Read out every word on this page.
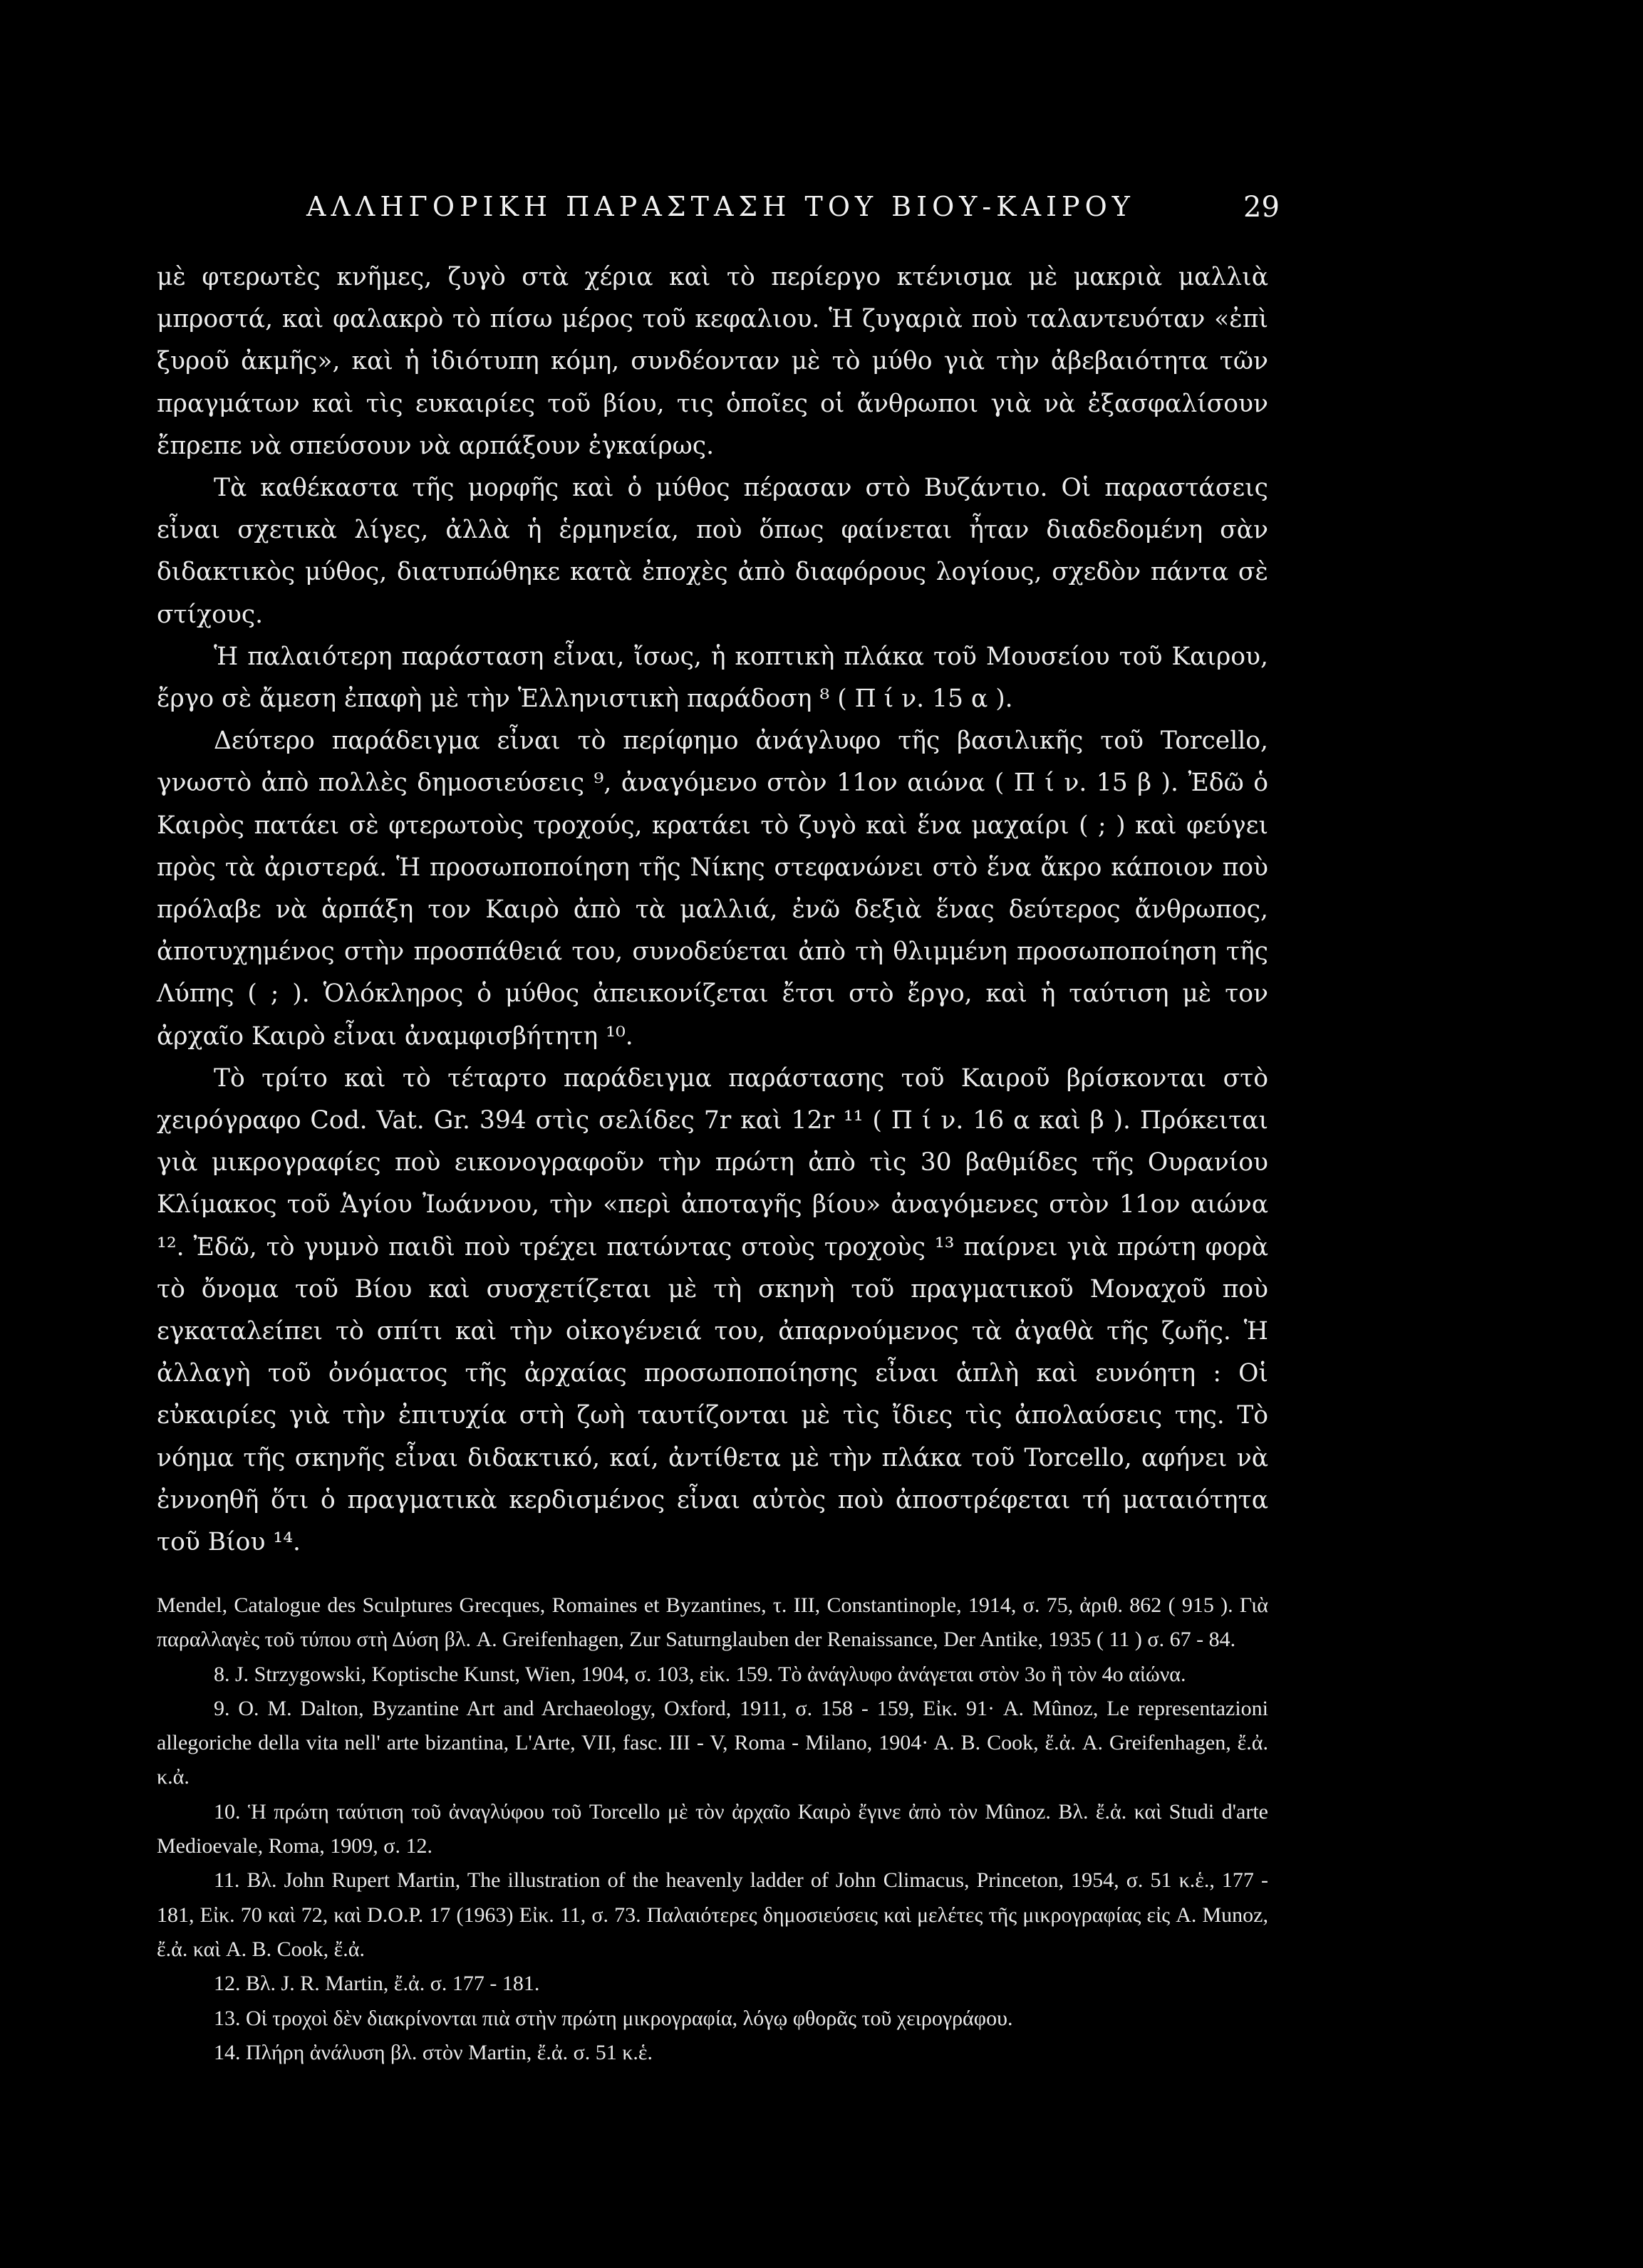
ΑΛΛΗΓΟΡΙΚΗ ΠΑΡΑΣΤΑΣΗ ΤΟΥ ΒΙΟΥ-ΚΑΙΡΟΥ	29

μὲ φτερωτὲς κνῆμες, ζυγὸ στὰ χέρια καὶ τὸ περίεργο κτένισμα μὲ μακριὰ μαλλιὰ μπροστά, καὶ φαλακρὸ τὸ πίσω μέρος τοῦ κεφαλιου. Ἡ ζυγαριὰ ποὺ ταλαντευόταν «ἐπὶ ξυροῦ ἀκμῆς», καὶ ἡ ἰδιότυπη κόμη, συνδέονταν μὲ τὸ μύθο γιὰ τὴν ἀβεβαιότητα τῶν πραγμάτων καὶ τὶς ευκαιρίες τοῦ βίου, τις ὁποῖες οἱ ἄνθρωποι γιὰ νὰ ἐξασφαλίσουν ἔπρεπε νὰ σπεύσουν νὰ αρπάξουν ἐγκαίρως.

Τὰ καθέκαστα τῆς μορφῆς καὶ ὁ μύθος πέρασαν στὸ Βυζάντιο. Οἱ παραστάσεις εἶναι σχετικὰ λίγες, ἀλλὰ ἡ ἑρμηνεία, ποὺ ὅπως φαίνεται ἦταν διαδεδομένη σὰν διδακτικὸς μύθος, διατυπώθηκε κατὰ ἐποχὲς ἀπὸ διαφόρους λογίους, σχεδὸν πάντα σὲ στίχους.

Ἡ παλαιότερη παράσταση εἶναι, ἴσως, ἡ κοπτικὴ πλάκα τοῦ Μουσείου τοῦ Καιρου, ἔργο σὲ ἄμεση ἐπαφὴ μὲ τὴν Ἑλληνιστικὴ παράδοση ⁸ ( Π ί ν. 15 α ).

Δεύτερο παράδειγμα εἶναι τὸ περίφημο ἀνάγλυφο τῆς βασιλικῆς τοῦ Torcello, γνωστὸ ἀπὸ πολλὲς δημοσιεύσεις ⁹, ἀναγόμενο στὸν 11ον αιώνα ( Π ί ν. 15 β ). Ἐδῶ ὁ Καιρὸς πατάει σὲ φτερωτοὺς τροχούς, κρατάει τὸ ζυγὸ καὶ ἕνα μαχαίρι ( ; ) καὶ φεύγει πρὸς τὰ ἀριστερά. Ἡ προσωποποίηση τῆς Νίκης στεφανώνει στὸ ἕνα ἄκρο κάποιον ποὺ πρόλαβε νὰ ἁρπάξη τον Καιρὸ ἀπὸ τὰ μαλλιά, ἐνῶ δεξιὰ ἕνας δεύτερος ἄνθρωπος, ἀποτυχημένος στὴν προσπάθειά του, συνοδεύεται ἀπὸ τὴ θλιμμένη προσωποποίηση τῆς Λύπης ( ; ). Ὁλόκληρος ὁ μύθος ἀπεικονίζεται ἔτσι στὸ ἔργο, καὶ ἡ ταύτιση μὲ τον ἀρχαῖο Καιρὸ εἶναι ἀναμφισβήτητη ¹⁰.

Τὸ τρίτο καὶ τὸ τέταρτο παράδειγμα παράστασης τοῦ Καιροῦ βρίσκονται στὸ χειρόγραφο Cod. Vat. Gr. 394 στὶς σελίδες 7r καὶ 12r ¹¹ ( Π ί ν. 16 α καὶ β ). Πρόκειται γιὰ μικρογραφίες ποὺ εικονογραφοῦν τὴν πρώτη ἀπὸ τὶς 30 βαθμίδες τῆς Ουρανίου Κλίμακος τοῦ Ἁγίου Ἰωάννου, τὴν «περὶ ἀποταγῆς βίου» ἀναγόμενες στὸν 11ον αιώνα ¹². Ἐδῶ, τὸ γυμνὸ παιδὶ ποὺ τρέχει πατώντας στοὺς τροχοὺς ¹³ παίρνει γιὰ πρώτη φορὰ τὸ ὄνομα τοῦ Βίου καὶ συσχετίζεται μὲ τὴ σκηνὴ τοῦ πραγματικοῦ Μοναχοῦ ποὺ εγκαταλείπει τὸ σπίτι καὶ τὴν οἰκογένειά του, ἀπαρνούμενος τὰ ἀγαθὰ τῆς ζωῆς. Ἡ ἀλλαγὴ τοῦ ὀνόματος τῆς ἀρχαίας προσωποποίησης εἶναι ἁπλὴ καὶ ευνόητη : Οἱ εὐκαιρίες γιὰ τὴν ἐπιτυχία στὴ ζωὴ ταυτίζονται μὲ τὶς ἴδιες τὶς ἀπολαύσεις της. Τὸ νόημα τῆς σκηνῆς εἶναι διδακτικό, καί, ἀντίθετα μὲ τὴν πλάκα τοῦ Torcello, αφήνει νὰ ἐννοηθῆ ὅτι ὁ πραγματικὰ κερδισμένος εἶναι αὐτὸς ποὺ ἀποστρέφεται τή ματαιότητα τοῦ Βίου ¹⁴.

Mendel, Catalogue des Sculptures Grecques, Romaines et Byzantines, τ. III, Constantinople, 1914, σ. 75, ἀριθ. 862 ( 915 ). Γιὰ παραλλαγὲς τοῦ τύπου στὴ Δύση βλ. A. Greifenhagen, Zur Saturnglauben der Renaissance, Der Antike, 1935 ( 11 ) σ. 67 - 84.

8. J. Strzygowski, Koptische Kunst, Wien, 1904, σ. 103, εἰκ. 159. Τὸ ἀνάγλυφο ἀνάγεται στὸν 3ο ἢ τὸν 4ο αἰώνα.

9. O. M. Dalton, Byzantine Art and Archaeology, Oxford, 1911, σ. 158 - 159, Εἰκ. 91· A. Mûnoz, Le representazioni allegoriche della vita nell' arte bizantina, L'Arte, VII, fasc. III - V, Roma - Milano, 1904· A. B. Cook, ἔ.ἀ. A. Greifenhagen, ἔ.ἀ. κ.ἀ.

10. Ἡ πρώτη ταύτιση τοῦ ἀναγλύφου τοῦ Torcello μὲ τὸν ἀρχαῖο Καιρὸ ἔγινε ἀπὸ τὸν Mûnoz. Βλ. ἔ.ἀ. καὶ Studi d'arte Medioevale, Roma, 1909, σ. 12.

11. Βλ. John Rupert Martin, The illustration of the heavenly ladder of John Climacus, Princeton, 1954, σ. 51 κ.ἑ., 177 - 181, Εἰκ. 70 καὶ 72, καὶ D.O.P. 17 (1963) Εἰκ. 11, σ. 73. Παλαιότερες δημοσιεύσεις καὶ μελέτες τῆς μικρογραφίας εἰς A. Munoz, ἔ.ἀ. καὶ A. B. Cook, ἔ.ἀ.

12. Βλ. J. R. Martin, ἔ.ἀ. σ. 177 - 181.

13. Οἱ τροχοὶ δὲν διακρίνονται πιὰ στὴν πρώτη μικρογραφία, λόγῳ φθορᾶς τοῦ χειρογράφου.

14. Πλήρη ἀνάλυση βλ. στὸν Martin, ἔ.ἀ. σ. 51 κ.ἑ.
